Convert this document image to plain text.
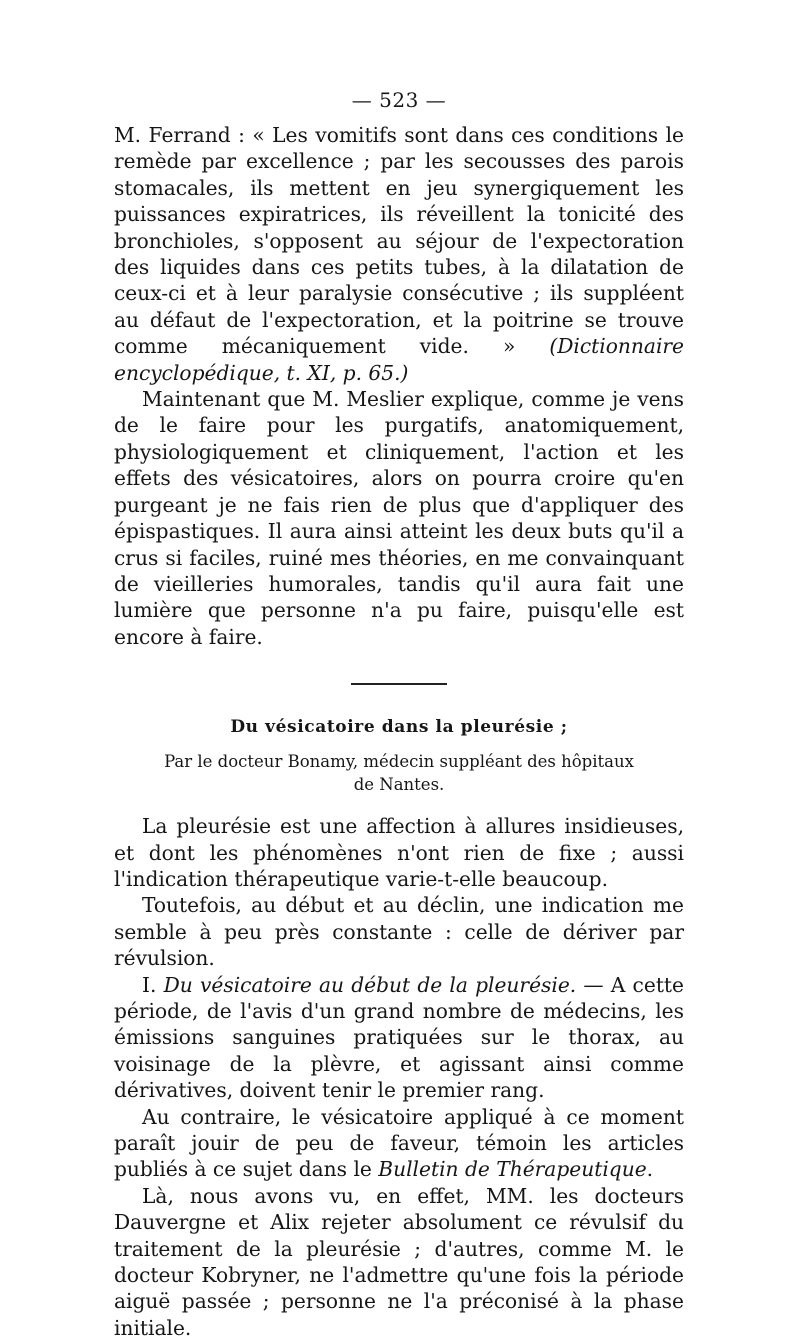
— 523 —

M. Ferrand : « Les vomitifs sont dans ces conditions le remède par excellence ; par les secousses des parois stomacales, ils mettent en jeu synergiquement les puissances expiratrices, ils réveillent la tonicité des bronchioles, s'opposent au séjour de l'expectoration des liquides dans ces petits tubes, à la dilatation de ceux-ci et à leur paralysie consécutive ; ils suppléent au défaut de l'expectoration, et la poitrine se trouve comme mécaniquement vide. » (Dictionnaire encyclopédique, t. XI, p. 65.)

Maintenant que M. Meslier explique, comme je vens de le faire pour les purgatifs, anatomiquement, physiologiquement et cliniquement, l'action et les effets des vésicatoires, alors on pourra croire qu'en purgeant je ne fais rien de plus que d'appliquer des épispastiques. Il aura ainsi atteint les deux buts qu'il a crus si faciles, ruiné mes théories, en me convainquant de vieilleries humorales, tandis qu'il aura fait une lumière que personne n'a pu faire, puisqu'elle est encore à faire.

Du vésicatoire dans la pleurésie ;
Par le docteur Bonamy, médecin suppléant des hôpitaux
de Nantes.

La pleurésie est une affection à allures insidieuses, et dont les phénomènes n'ont rien de fixe ; aussi l'indication thérapeutique varie-t-elle beaucoup.

Toutefois, au début et au déclin, une indication me semble à peu près constante : celle de dériver par révulsion.

I. Du vésicatoire au début de la pleurésie. — A cette période, de l'avis d'un grand nombre de médecins, les émissions sanguines pratiquées sur le thorax, au voisinage de la plèvre, et agissant ainsi comme dérivatives, doivent tenir le premier rang.

Au contraire, le vésicatoire appliqué à ce moment paraît jouir de peu de faveur, témoin les articles publiés à ce sujet dans le Bulletin de Thérapeutique.

Là, nous avons vu, en effet, MM. les docteurs Dauvergne et Alix rejeter absolument ce révulsif du traitement de la pleurésie ; d'autres, comme M. le docteur Kobryner, ne l'admettre qu'une fois la période aiguë passée ; personne ne l'a préconisé à la phase initiale.
